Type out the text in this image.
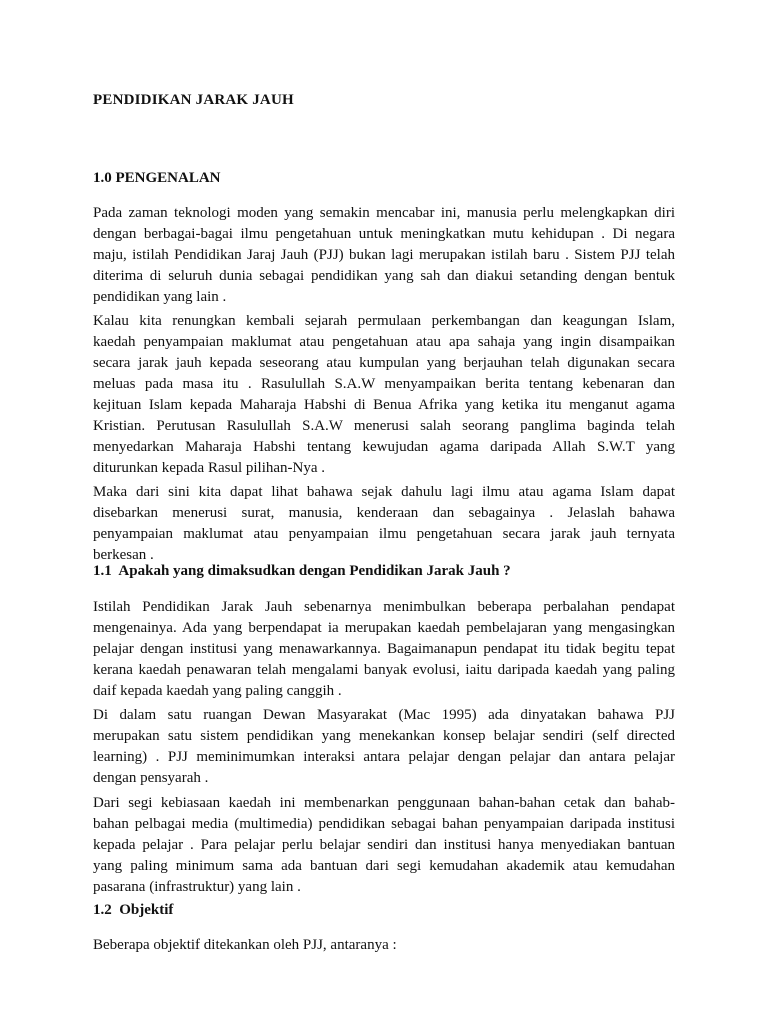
PENDIDIKAN JARAK JAUH
1.0 PENGENALAN

Pada zaman teknologi moden yang semakin mencabar ini, manusia perlu melengkapkan diri
dengan berbagai-bagai ilmu pengetahuan untuk meningkatkan mutu kehidupan . Di negara
maju, istilah Pendidikan Jaraj Jauh (PJJ) bukan lagi merupakan istilah baru . Sistem PJJ telah
diterima di seluruh dunia sebagai pendidikan yang sah dan diakui setanding dengan bentuk
pendidikan yang lain .

Kalau kita renungkan kembali sejarah permulaan perkembangan dan keagungan Islam,
kaedah penyampaian maklumat atau pengetahuan atau apa sahaja yang ingin disampaikan
secara jarak jauh kepada seseorang atau kumpulan yang berjauhan telah digunakan secara
meluas pada masa itu . Rasulullah S.A.W menyampaikan berita tentang kebenaran dan
kejituan Islam kepada Maharaja Habshi di Benua Afrika yang ketika itu menganut agama
Kristian. Perutusan Rasulullah S.A.W menerusi salah seorang panglima baginda telah
menyedarkan Maharaja Habshi tentang kewujudan agama daripada Allah S.W.T yang
diturunkan kepada Rasul pilihan-Nya .

Maka dari sini kita dapat lihat bahawa sejak dahulu lagi ilmu atau agama Islam dapat
disebarkan menerusi surat, manusia, kenderaan dan sebagainya . Jelaslah bahawa
penyampaian maklumat atau penyampaian ilmu pengetahuan secara jarak jauh ternyata
berkesan .

1.1  Apakah yang dimaksudkan dengan Pendidikan Jarak Jauh ?

Istilah Pendidikan Jarak Jauh sebenarnya menimbulkan beberapa perbalahan pendapat
mengenainya. Ada yang berpendapat ia merupakan kaedah pembelajaran yang mengasingkan
pelajar dengan institusi yang menawarkannya. Bagaimanapun pendapat itu tidak begitu tepat
kerana kaedah penawaran telah mengalami banyak evolusi, iaitu daripada kaedah yang paling
daif kepada kaedah yang paling canggih .

Di dalam satu ruangan Dewan Masyarakat (Mac 1995) ada dinyatakan bahawa PJJ
merupakan satu sistem pendidikan yang menekankan konsep belajar sendiri (self directed
learning) . PJJ meminimumkan interaksi antara pelajar dengan pelajar dan antara pelajar
dengan pensyarah .

Dari segi kebiasaan kaedah ini membenarkan penggunaan bahan-bahan cetak dan bahab-
bahan pelbagai media (multimedia) pendidikan sebagai bahan penyampaian daripada institusi
kepada pelajar . Para pelajar perlu belajar sendiri dan institusi hanya menyediakan bantuan
yang paling minimum sama ada bantuan dari segi kemudahan akademik atau kemudahan
pasarana (infrastruktur) yang lain .

1.2  Objektif

Beberapa objektif ditekankan oleh PJJ, antaranya :
